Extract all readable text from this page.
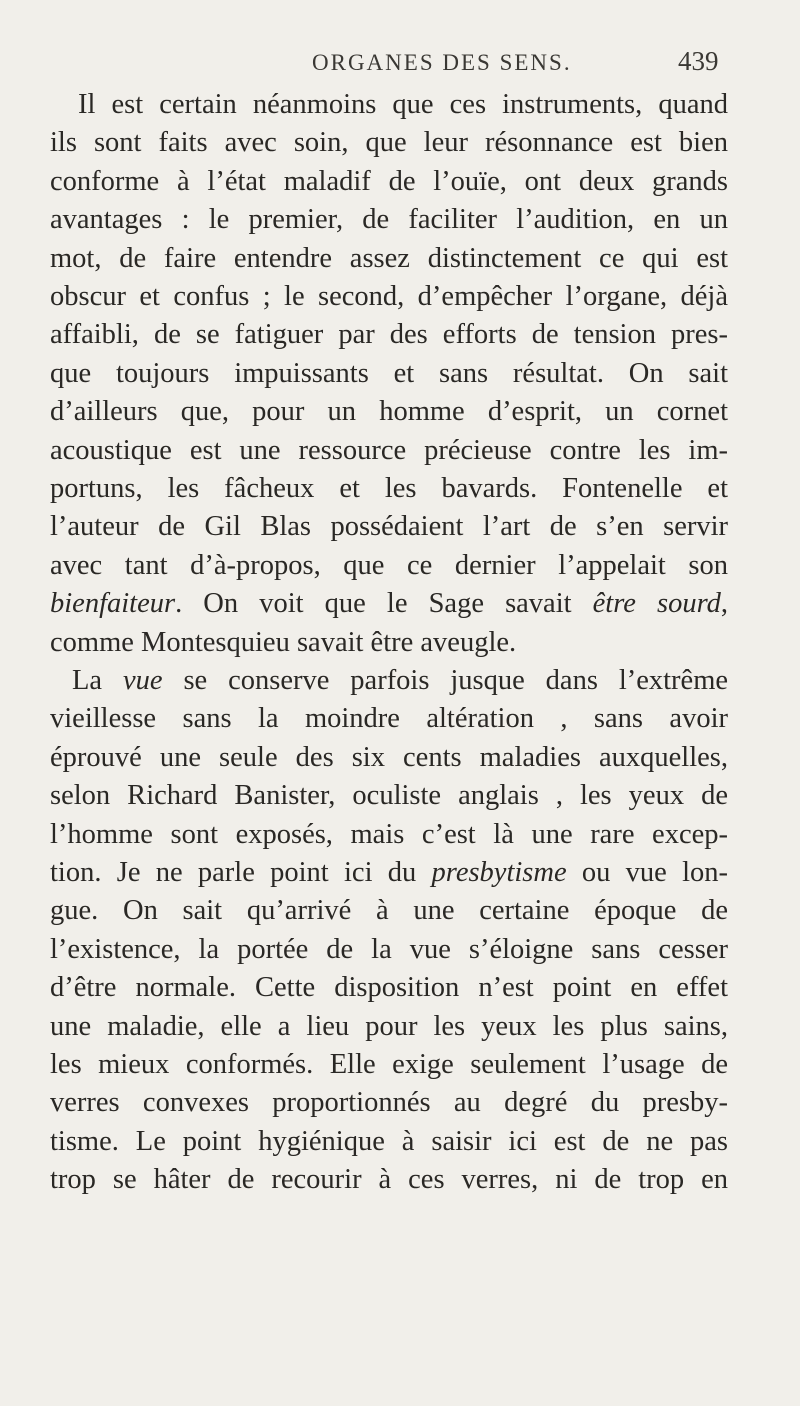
ORGANES DES SENS.	439
Il est certain néanmoins que ces instruments, quand
ils sont faits avec soin, que leur résonnance est bien
conforme à l’état maladif de l’ouïe, ont deux grands
avantages : le premier, de faciliter l’audition, en un
mot, de faire entendre assez distinctement ce qui est
obscur et confus ; le second, d’empêcher l’organe, déjà
affaibli, de se fatiguer par des efforts de tension pres-
que toujours impuissants et sans résultat. On sait
d’ailleurs que, pour un homme d’esprit, un cornet
acoustique est une ressource précieuse contre les im-
portuns, les fâcheux et les bavards. Fontenelle et
l’auteur de Gil Blas possédaient l’art de s’en servir
avec tant d’à-propos, que ce dernier l’appelait son
bienfaiteur. On voit que le Sage savait être sourd,
comme Montesquieu savait être aveugle.
La vue se conserve parfois jusque dans l’extrême
vieillesse sans la moindre altération , sans avoir
éprouvé une seule des six cents maladies auxquelles,
selon Richard Banister, oculiste anglais , les yeux de
l’homme sont exposés, mais c’est là une rare excep-
tion. Je ne parle point ici du presbytisme ou vue lon-
gue. On sait qu’arrivé à une certaine époque de
l’existence, la portée de la vue s’éloigne sans cesser
d’être normale. Cette disposition n’est point en effet
une maladie, elle a lieu pour les yeux les plus sains,
les mieux conformés. Elle exige seulement l’usage de
verres convexes proportionnés au degré du presby-
tisme. Le point hygiénique à saisir ici est de ne pas
trop se hâter de recourir à ces verres, ni de trop en
